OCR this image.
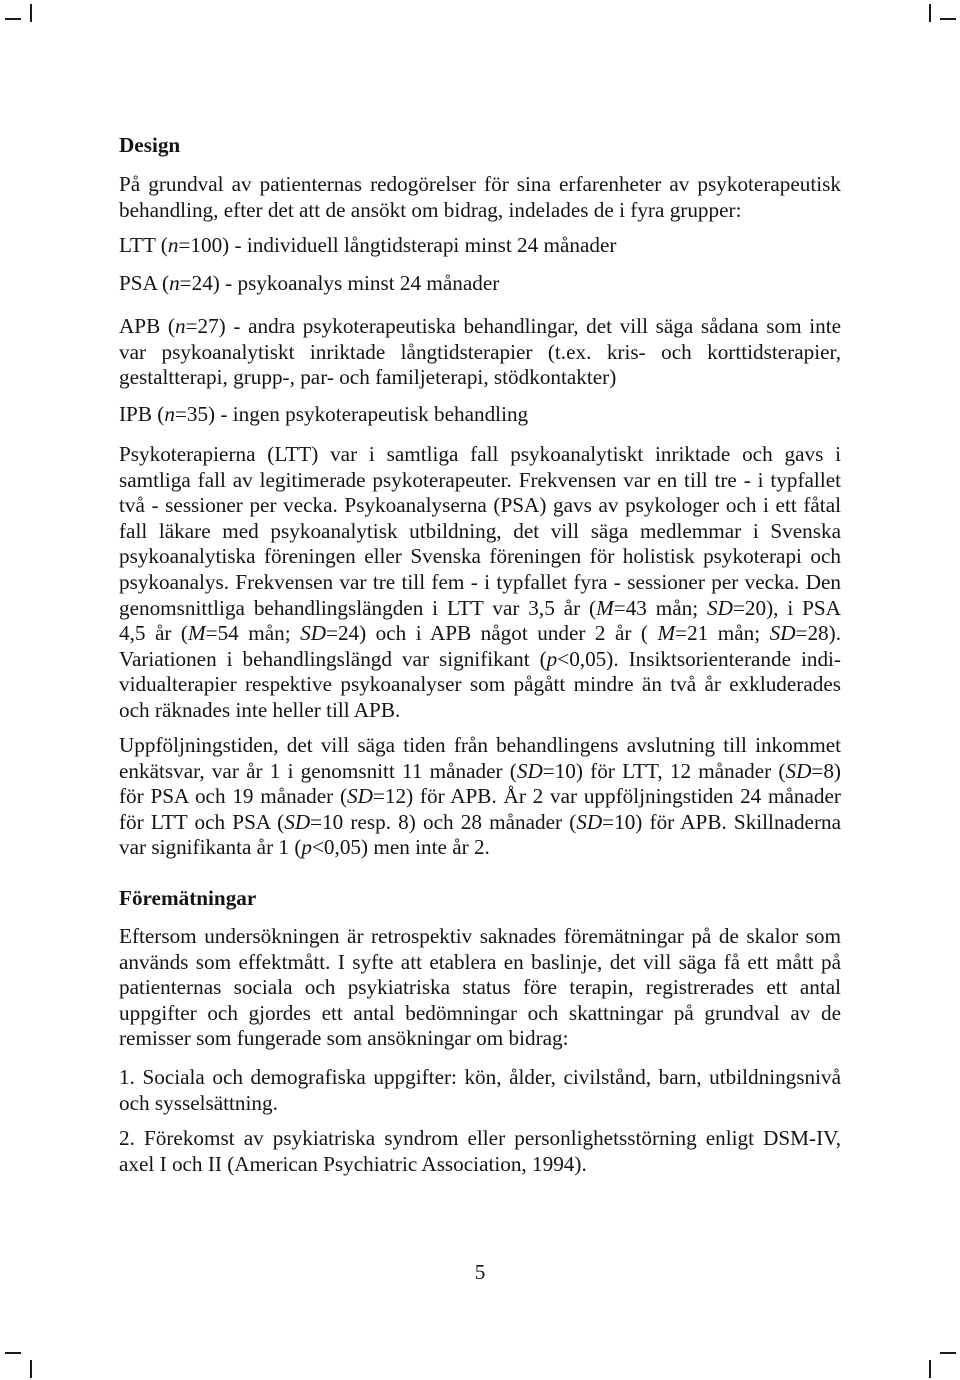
Design
På grundval av patienternas redogörelser för sina erfarenheter av psykoterapeutisk
behandling, efter det att de ansökt om bidrag, indelades de i fyra grupper:
LTT (n=100) - individuell långtidsterapi minst 24 månader
PSA (n=24) - psykoanalys minst 24 månader
APB (n=27) - andra psykoterapeutiska behandlingar, det vill säga sådana som inte
var psykoanalytiskt inriktade långtidsterapier (t.ex. kris- och korttidsterapier,
gestaltterapi, grupp-, par- och familjeterapi, stödkontakter)
IPB (n=35) - ingen psykoterapeutisk behandling
Psykoterapierna (LTT) var i samtliga fall psykoanalytiskt inriktade och gavs i
samtliga fall av legitimerade psykoterapeuter. Frekvensen var en till tre - i typfallet
två - sessioner per vecka. Psykoanalyserna (PSA) gavs av psykologer och i ett fåtal
fall läkare med psykoanalytisk utbildning, det vill säga medlemmar i Svenska
psykoanalytiska föreningen eller Svenska föreningen för holistisk psykoterapi och
psykoanalys. Frekvensen var tre till fem - i typfallet fyra - sessioner per vecka. Den
genomsnittliga behandlingslängden i LTT var 3,5 år (M=43 mån; SD=20), i PSA
4,5 år (M=54 mån; SD=24) och i APB något under 2 år ( M=21 mån; SD=28).
Variationen i behandlingslängd var signifikant (p<0,05). Insiktsorienterande indi-
vidualterapier respektive psykoanalyser som pågått mindre än två år exkluderades
och räknades inte heller till APB.
Uppföljningstiden, det vill säga tiden från behandlingens avslutning till inkommet
enkätsvar, var år 1 i genomsnitt 11 månader (SD=10) för LTT, 12 månader (SD=8)
för PSA och 19 månader (SD=12) för APB. År 2 var uppföljningstiden 24 månader
för LTT och PSA (SD=10 resp. 8) och 28 månader (SD=10) för APB. Skillnaderna
var signifikanta år 1 (p<0,05) men inte år 2.
Föremätningar
Eftersom undersökningen är retrospektiv saknades föremätningar på de skalor som
används som effektmått. I syfte att etablera en baslinje, det vill säga få ett mått på
patienternas sociala och psykiatriska status före terapin, registrerades ett antal
uppgifter och gjordes ett antal bedömningar och skattningar på grundval av de
remisser som fungerade som ansökningar om bidrag:
1. Sociala och demografiska uppgifter: kön, ålder, civilstånd, barn, utbildningsnivå
och sysselsättning.
2. Förekomst av psykiatriska syndrom eller personlighetsstörning enligt DSM-IV,
axel I och II (American Psychiatric Association, 1994).
5
